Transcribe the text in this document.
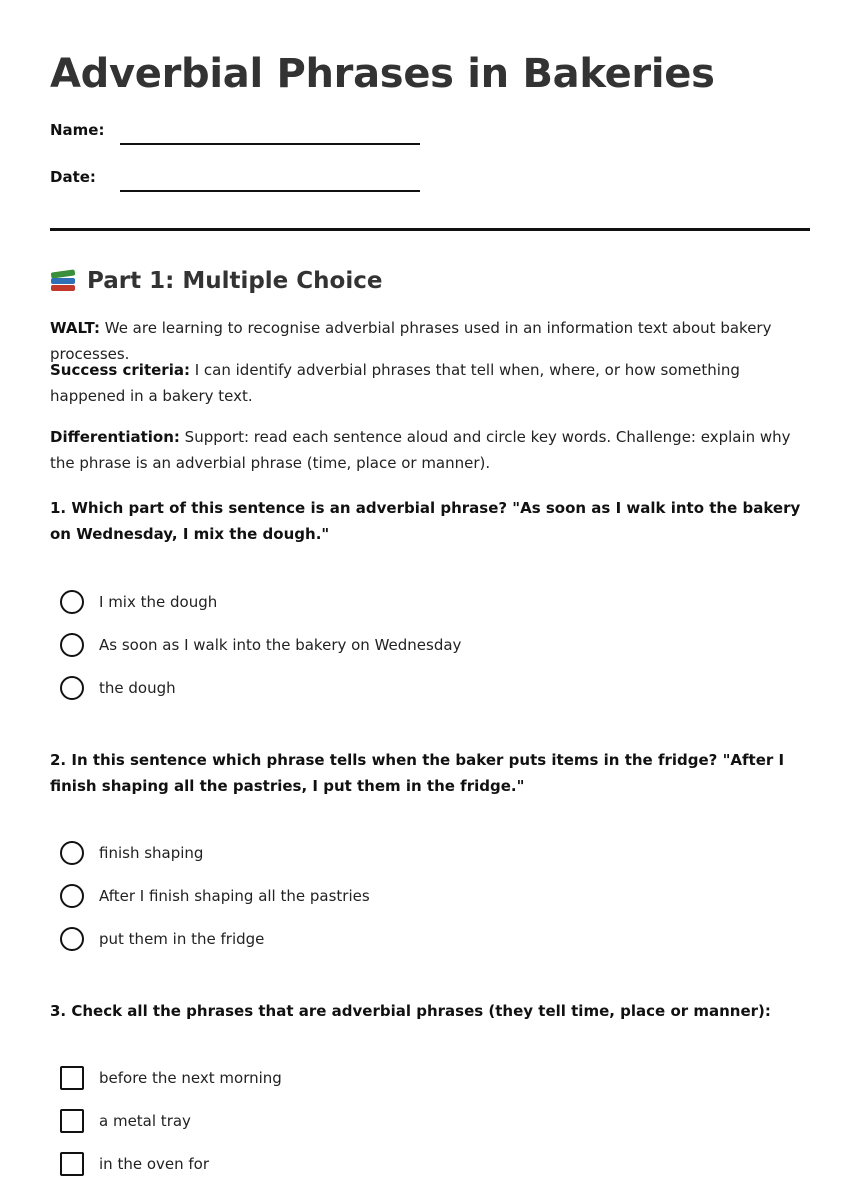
Adverbial Phrases in Bakeries
Name:
Date:
Part 1: Multiple Choice

WALT: We are learning to recognise adverbial phrases used in an information text about bakery processes.

Success criteria: I can identify adverbial phrases that tell when, where, or how something happened in a bakery text.

Differentiation: Support: read each sentence aloud and circle key words. Challenge: explain why the phrase is an adverbial phrase (time, place or manner).

1. Which part of this sentence is an adverbial phrase? "As soon as I walk into the bakery on Wednesday, I mix the dough."

I mix the dough
As soon as I walk into the bakery on Wednesday
the dough

2. In this sentence which phrase tells when the baker puts items in the fridge? "After I finish shaping all the pastries, I put them in the fridge."

finish shaping
After I finish shaping all the pastries
put them in the fridge

3. Check all the phrases that are adverbial phrases (they tell time, place or manner):

before the next morning
a metal tray
in the oven for
